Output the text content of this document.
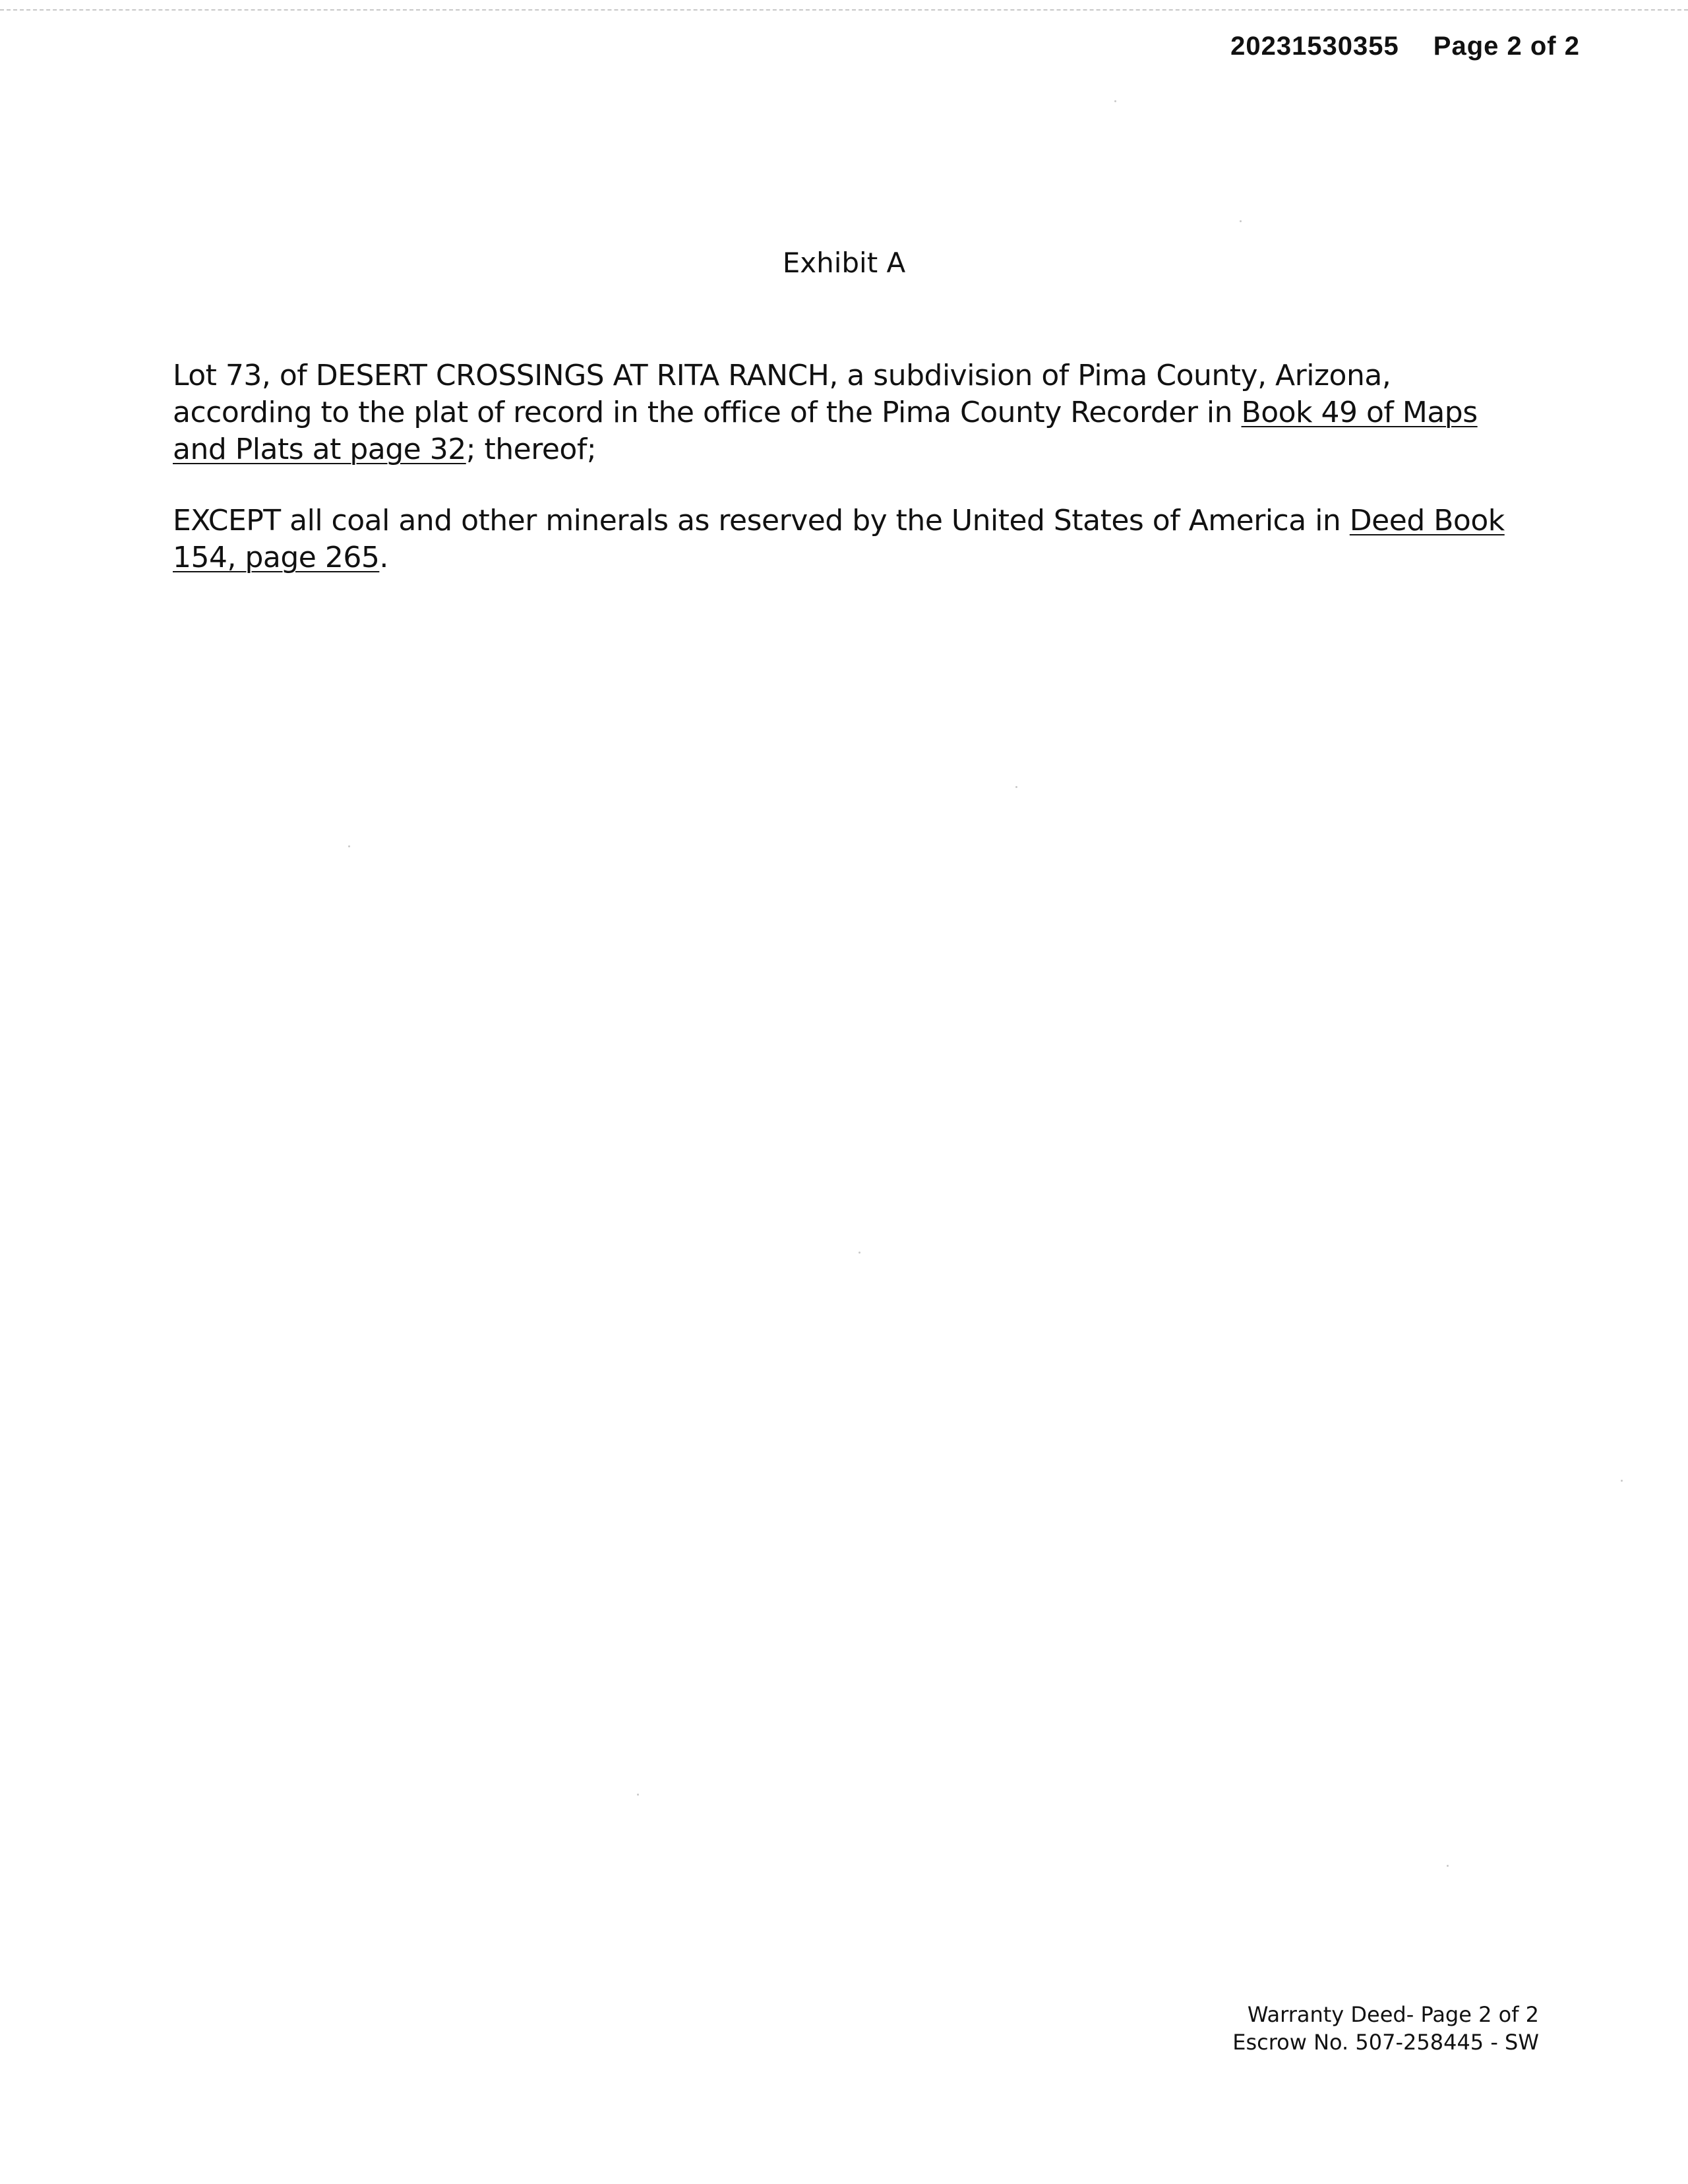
20231530355 Page 2 of 2
Exhibit A
Lot 73, of DESERT CROSSINGS AT RITA RANCH, a subdivision of Pima County, Arizona, according to the plat of record in the office of the Pima County Recorder in Book 49 of Maps and Plats at page 32; thereof;
EXCEPT all coal and other minerals as reserved by the United States of America in Deed Book 154, page 265.
Warranty Deed- Page 2 of 2
Escrow No. 507-258445 - SW
